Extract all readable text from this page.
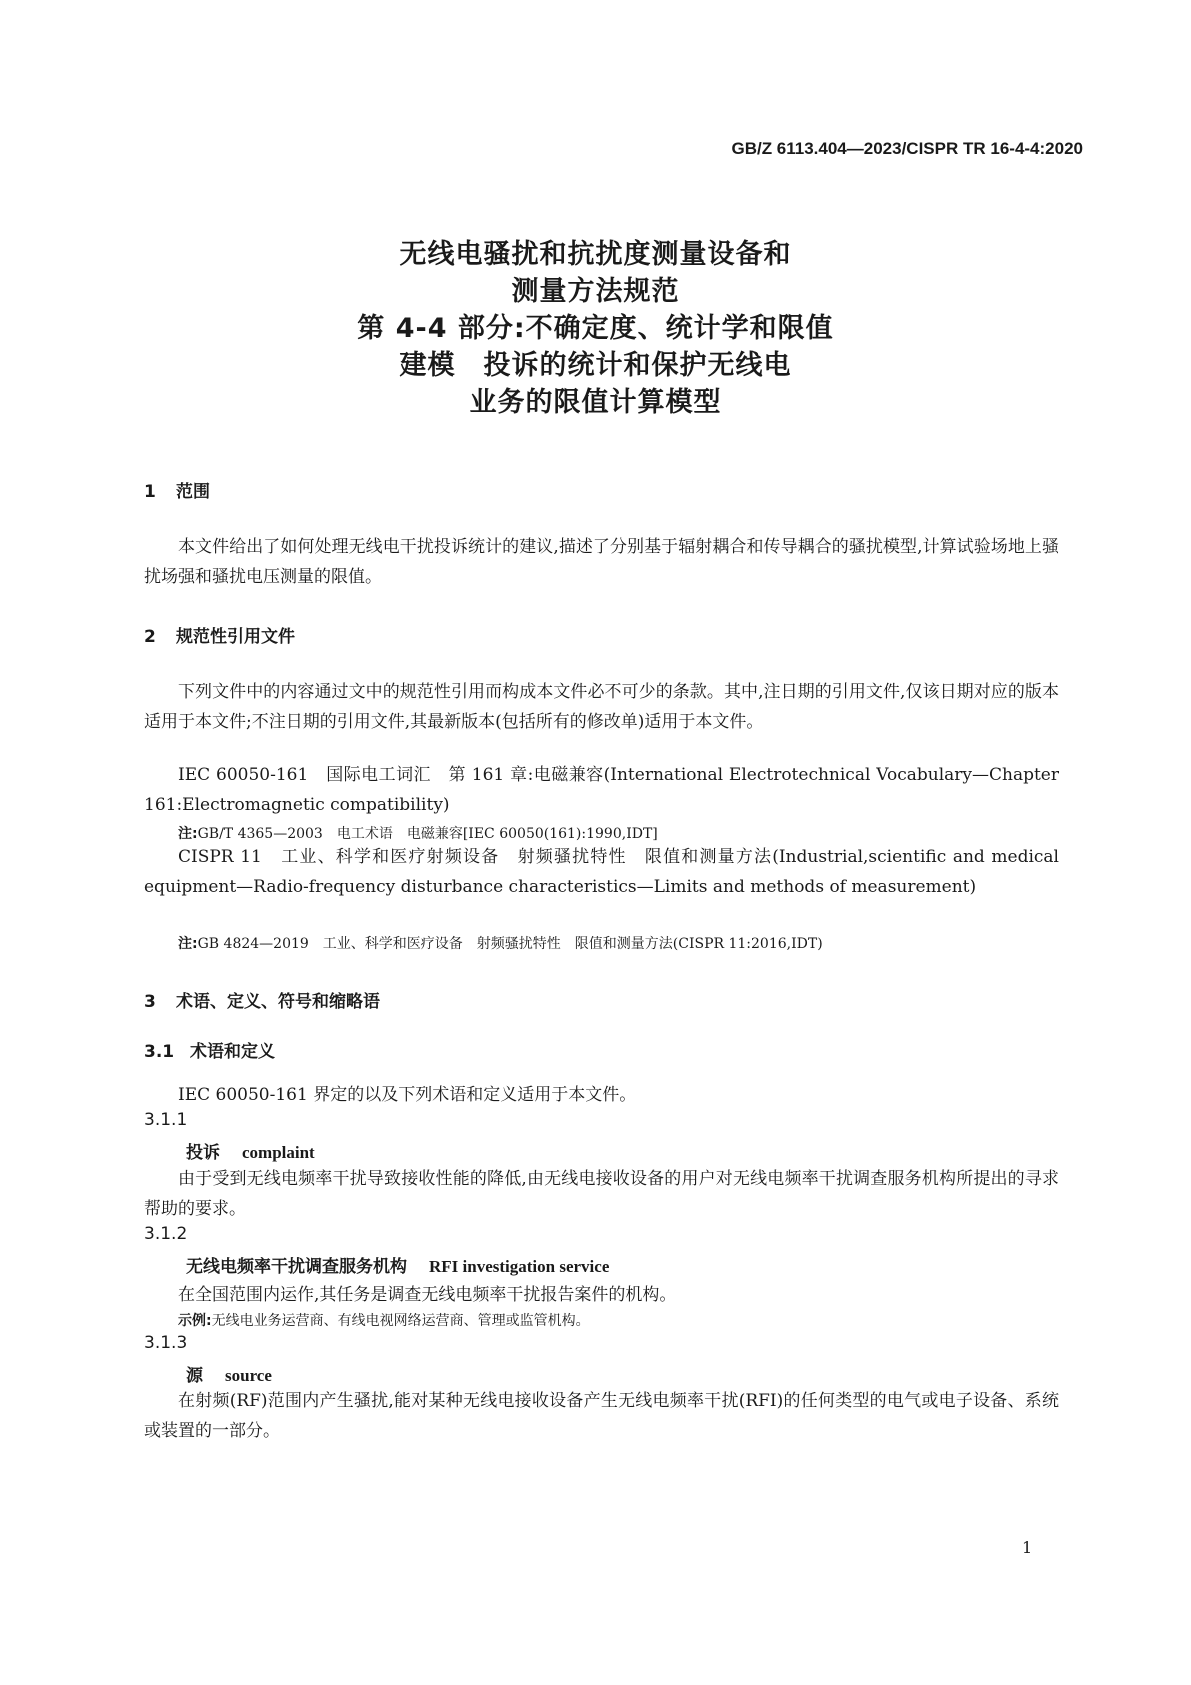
GB/Z 6113.404—2023/CISPR TR 16-4-4:2020
无线电骚扰和抗扰度测量设备和
测量方法规范
第 4-4 部分:不确定度、统计学和限值
建模　投诉的统计和保护无线电
业务的限值计算模型
1 范围
本文件给出了如何处理无线电干扰投诉统计的建议,描述了分别基于辐射耦合和传导耦合的骚扰模型,计算试验场地上骚扰场强和骚扰电压测量的限值。
2 规范性引用文件
下列文件中的内容通过文中的规范性引用而构成本文件必不可少的条款。其中,注日期的引用文件,仅该日期对应的版本适用于本文件;不注日期的引用文件,其最新版本(包括所有的修改单)适用于本文件。
IEC 60050-161　国际电工词汇　第 161 章:电磁兼容(International Electrotechnical Vocabulary—Chapter 161:Electromagnetic compatibility)
注:GB/T 4365—2003　电工术语　电磁兼容[IEC 60050(161):1990,IDT]
CISPR 11　工业、科学和医疗射频设备　射频骚扰特性　限值和测量方法(Industrial,scientific and medical equipment—Radio-frequency disturbance characteristics—Limits and methods of measurement)
注:GB 4824—2019　工业、科学和医疗设备　射频骚扰特性　限值和测量方法(CISPR 11:2016,IDT)
3 术语、定义、符号和缩略语
3.1 术语和定义
IEC 60050-161 界定的以及下列术语和定义适用于本文件。
3.1.1
投诉 complaint
由于受到无线电频率干扰导致接收性能的降低,由无线电接收设备的用户对无线电频率干扰调查服务机构所提出的寻求帮助的要求。
3.1.2
无线电频率干扰调查服务机构 RFI investigation service
在全国范围内运作,其任务是调查无线电频率干扰报告案件的机构。
示例:无线电业务运营商、有线电视网络运营商、管理或监管机构。
3.1.3
源 source
在射频(RF)范围内产生骚扰,能对某种无线电接收设备产生无线电频率干扰(RFI)的任何类型的电气或电子设备、系统或装置的一部分。
1
